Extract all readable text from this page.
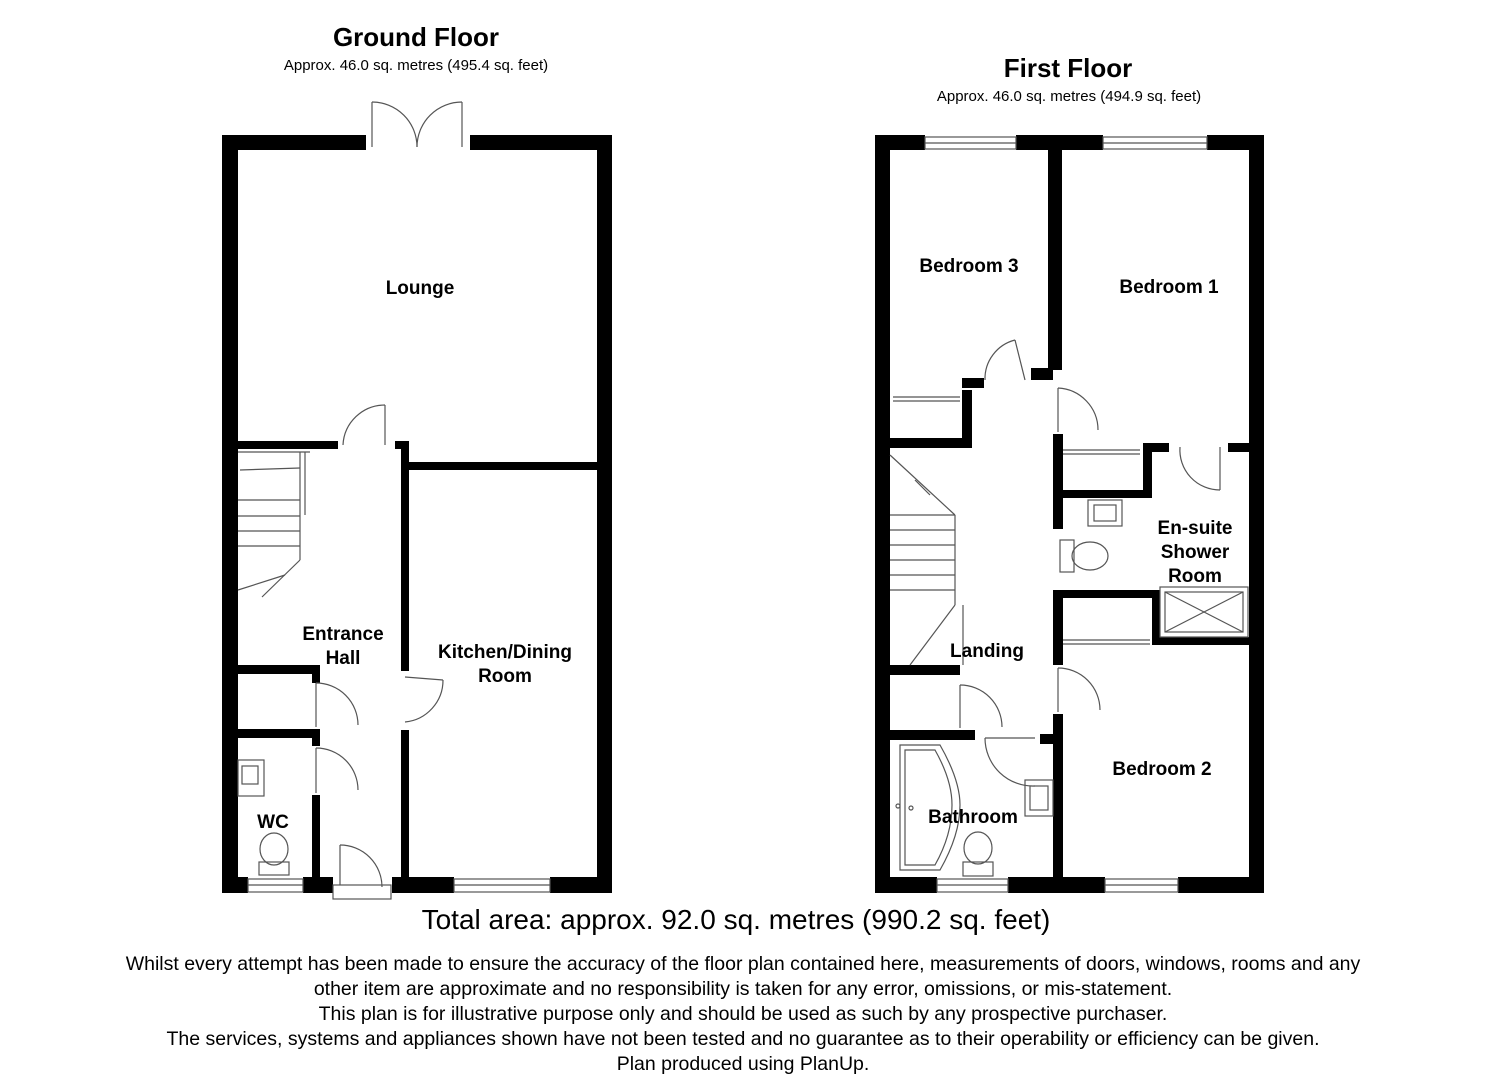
Ground Floor
Approx. 46.0 sq. metres (495.4 sq. feet)
Lounge
Entrance
Hall	Kitchen/Dining
Room
WC
First Floor
Approx. 46.0 sq. metres (494.9 sq. feet)
Bedroom 3
Bedroom 1
En-suite
Shower
Room
Landing
Bedroom 2
Bathroom
Total area: approx. 92.0 sq. metres (990.2 sq. feet)
Whilst every attempt has been made to ensure the accuracy of the floor plan contained here, measurements of doors, windows, rooms and any
other item are approximate and no responsibility is taken for any error, omissions, or mis-statement.
This plan is for illustrative purpose only and should be used as such by any prospective purchaser.
The services, systems and appliances shown have not been tested and no guarantee as to their operability or efficiency can be given.
Plan produced using PlanUp.
